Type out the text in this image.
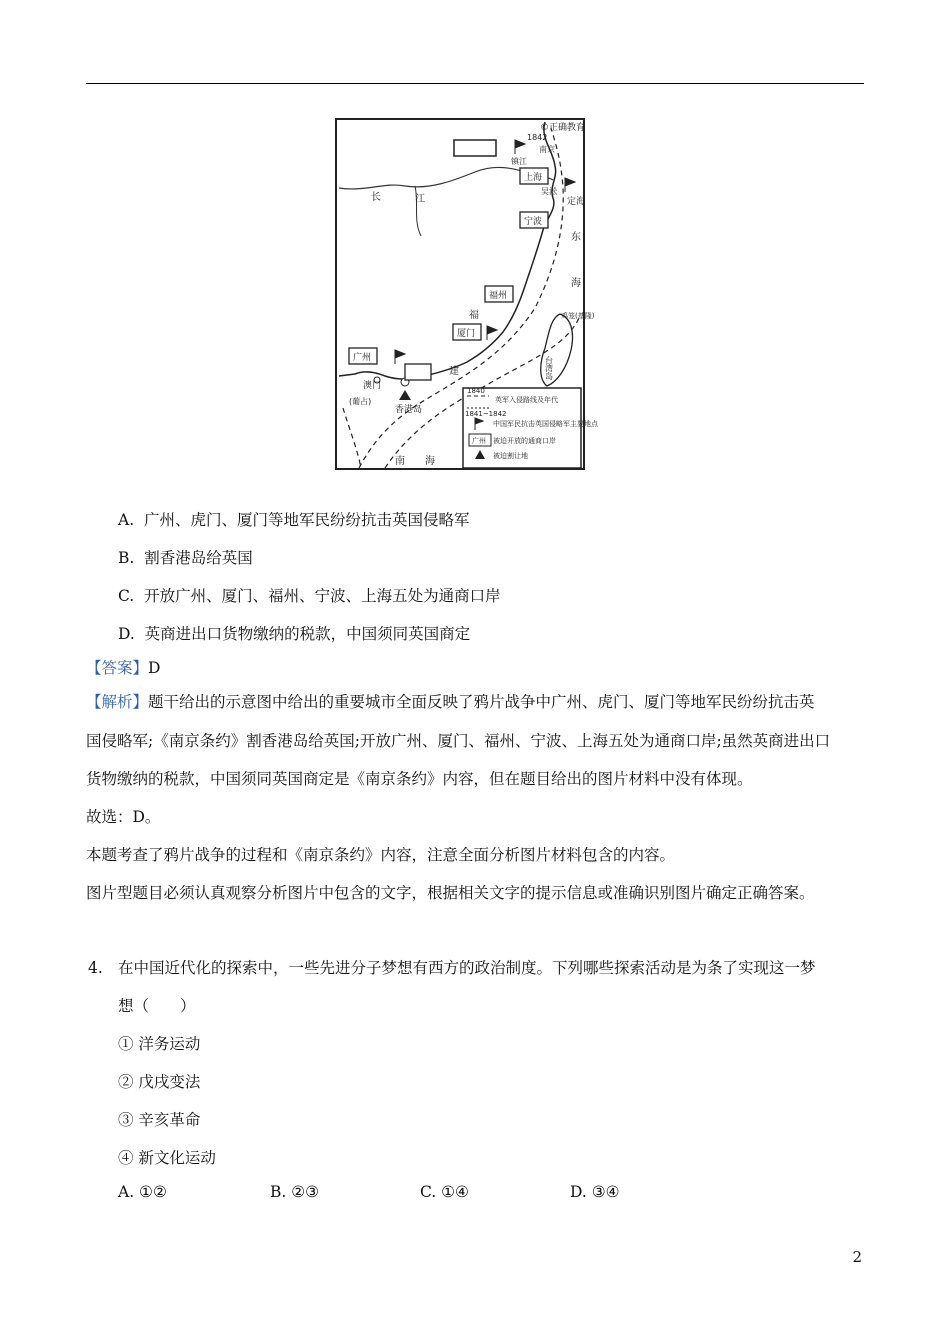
©正确教育
1842
南京
镇江
上海
吴淞
定海
宁波
福州
厦门
广州
香港岛
澳门
(葡占)
长	江
福
建
东
海
南 海
台湾岛
鸡笼(基隆)
1840
1841~1842
英军入侵路线及年代
中国军民抗击英国侵略军主要地点
广州 被迫开放的通商口岸
被迫割让地
A. 广州、虎门、厦门等地军民纷纷抗击英国侵略军
B. 割香港岛给英国
C. 开放广州、厦门、福州、宁波、上海五处为通商口岸
D. 英商进出口货物缴纳的税款，中国须同英国商定
【答案】D
【解析】题干给出的示意图中给出的重要城市全面反映了鸦片战争中广州、虎门、厦门等地军民纷纷抗击英
国侵略军;《南京条约》割香港岛给英国;开放广州、厦门、福州、宁波、上海五处为通商口岸;虽然英商进出口
货物缴纳的税款，中国须同英国商定是《南京条约》内容，但在题目给出的图片材料中没有体现。
故选：D。
本题考查了鸦片战争的过程和《南京条约》内容，注意全面分析图片材料包含的内容。
图片型题目必须认真观察分析图片中包含的文字，根据相关文字的提示信息或准确识别图片确定正确答案。
4. 在中国近代化的探索中，一些先进分子梦想有西方的政治制度。下列哪些探索活动是为条了实现这一梦
想（　　）
① 洋务运动
② 戊戌变法
③ 辛亥革命
④ 新文化运动
A. ①②	B. ②③	C. ①④	D. ③④
2
